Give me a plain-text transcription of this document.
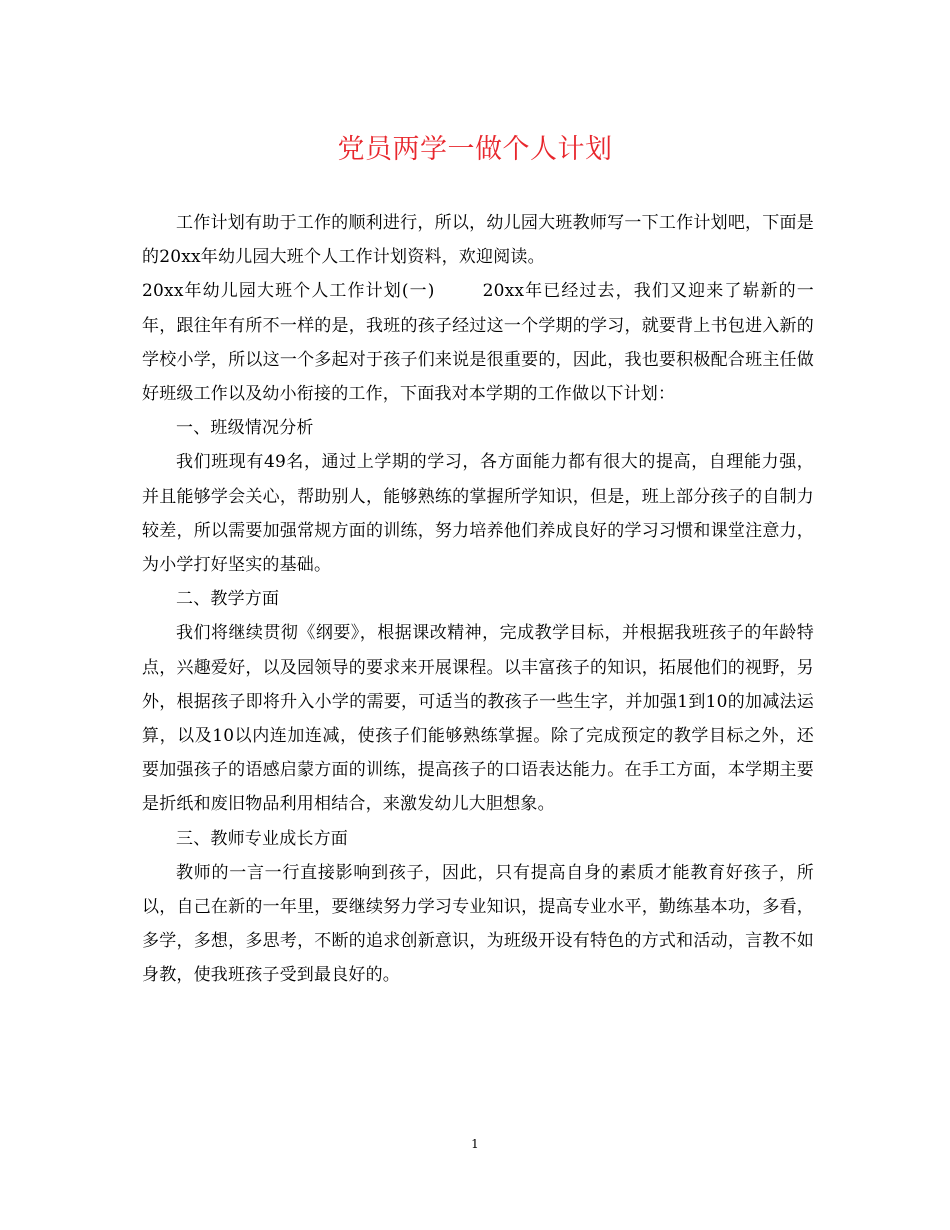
党员两学一做个人计划

工作计划有助于工作的顺利进行，所以，幼儿园大班教师写一下工作计划吧，下面是的20xx年幼儿园大班个人工作计划资料，欢迎阅读。

20xx年幼儿园大班个人工作计划(一)	20xx年已经过去，我们又迎来了崭新的一年，跟往年有所不一样的是，我班的孩子经过这一个学期的学习，就要背上书包进入新的学校小学，所以这一个多起对于孩子们来说是很重要的，因此，我也要积极配合班主任做好班级工作以及幼小衔接的工作，下面我对本学期的工作做以下计划：

一、班级情况分析

我们班现有49名，通过上学期的学习，各方面能力都有很大的提高，自理能力强，并且能够学会关心，帮助别人，能够熟练的掌握所学知识，但是，班上部分孩子的自制力较差，所以需要加强常规方面的训练，努力培养他们养成良好的学习习惯和课堂注意力，为小学打好坚实的基础。

二、教学方面

我们将继续贯彻《纲要》，根据课改精神，完成教学目标，并根据我班孩子的年龄特点，兴趣爱好，以及园领导的要求来开展课程。以丰富孩子的知识，拓展他们的视野，另外，根据孩子即将升入小学的需要，可适当的教孩子一些生字，并加强1到10的加减法运算，以及10以内连加连减，使孩子们能够熟练掌握。除了完成预定的教学目标之外，还要加强孩子的语感启蒙方面的训练，提高孩子的口语表达能力。在手工方面，本学期主要是折纸和废旧物品利用相结合，来激发幼儿大胆想象。

三、教师专业成长方面

教师的一言一行直接影响到孩子，因此，只有提高自身的素质才能教育好孩子，所以，自己在新的一年里，要继续努力学习专业知识，提高专业水平，勤练基本功，多看，多学，多想，多思考，不断的追求创新意识，为班级开设有特色的方式和活动，言教不如身教，使我班孩子受到最良好的。

1
